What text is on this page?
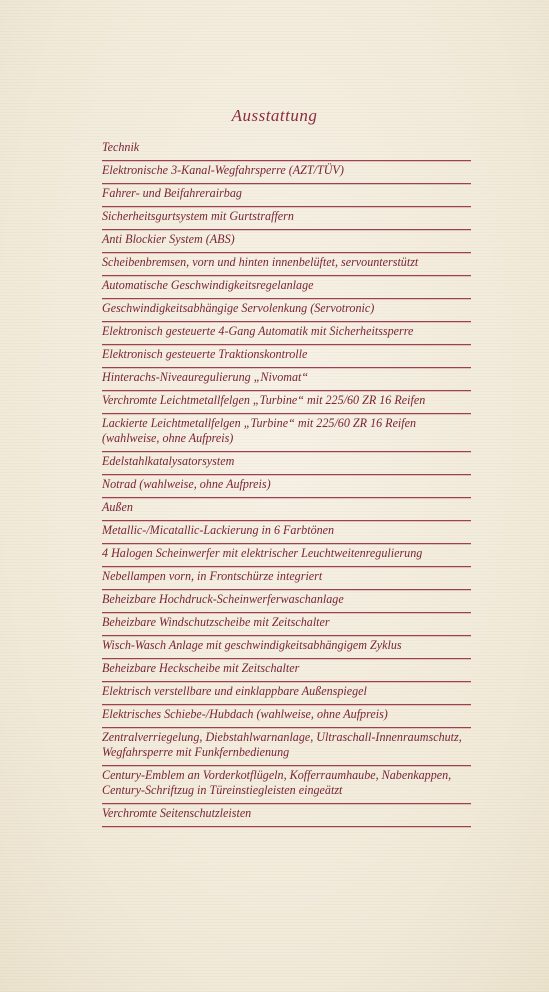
Ausstattung
Technik
Elektronische 3-Kanal-Wegfahrsperre (AZT/TÜV)
Fahrer- und Beifahrerairbag
Sicherheitsgurtsystem mit Gurtstraffern
Anti Blockier System (ABS)
Scheibenbremsen, vorn und hinten innenbelüftet, servounterstützt
Automatische Geschwindigkeitsregelanlage
Geschwindigkeitsabhängige Servolenkung (Servotronic)
Elektronisch gesteuerte 4-Gang Automatik mit Sicherheitssperre
Elektronisch gesteuerte Traktionskontrolle
Hinterachs-Niveauregulierung „Nivomat“
Verchromte Leichtmetallfelgen „Turbine“ mit 225/60 ZR 16 Reifen
Lackierte Leichtmetallfelgen „Turbine“ mit 225/60 ZR 16 Reifen (wahlweise, ohne Aufpreis)
Edelstahlkatalysatorsystem
Notrad (wahlweise, ohne Aufpreis)
Außen
Metallic-/Micatallic-Lackierung in 6 Farbtönen
4 Halogen Scheinwerfer mit elektrischer Leuchtweitenregulierung
Nebellampen vorn, in Frontschürze integriert
Beheizbare Hochdruck-Scheinwerferwaschanlage
Beheizbare Windschutzscheibe mit Zeitschalter
Wisch-Wasch Anlage mit geschwindigkeitsabhängigem Zyklus
Beheizbare Heckscheibe mit Zeitschalter
Elektrisch verstellbare und einklappbare Außenspiegel
Elektrisches Schiebe-/Hubdach (wahlweise, ohne Aufpreis)
Zentralverriegelung, Diebstahlwarnanlage, Ultraschall-Innenraumschutz, Wegfahrsperre mit Funkfernbedienung
Century-Emblem an Vorderkotflügeln, Kofferraumhaube, Nabenkappen, Century-Schriftzug in Türeinstiegleisten eingeätzt
Verchromte Seitenschutzleisten
